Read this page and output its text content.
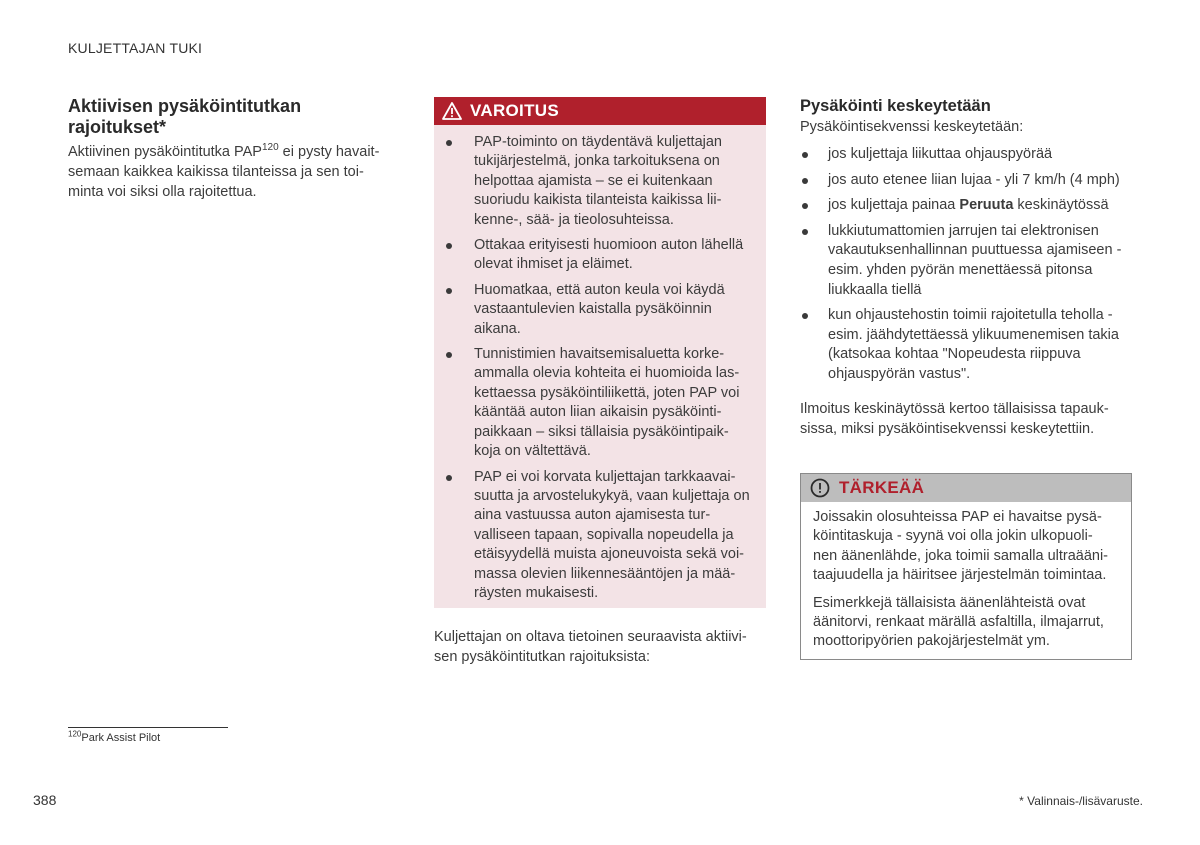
KULJETTAJAN TUKI
Aktiivisen pysäköintitutkan
rajoitukset*
Aktiivinen pysäköintitutka PAP$^{120}$ ei pysty havait-
semaan kaikkea kaikissa tilanteissa ja sen toi-
minta voi siksi olla rajoitettua.
VAROITUS
PAP-toiminto on täydentävä kuljettajan tukijärjestelmä, jonka tarkoituksena on helpottaa ajamista – se ei kuitenkaan suoriudu kaikista tilanteista kaikissa lii- kenne-, sää- ja tieolosuhteissa.
Ottakaa erityisesti huomioon auton lähellä olevat ihmiset ja eläimet.
Huomatkaa, että auton keula voi käydä vastaantulevien kaistalla pysäköinnin aikana.
Tunnistimien havaitsemisaluetta korke- ammalla olevia kohteita ei huomioida las- kettaessa pysäköintiliikettä, joten PAP voi kääntää auton liian aikaisin pysäköinti- paikkaan – siksi tällaisia pysäköintipaik- koja on vältettävä.
PAP ei voi korvata kuljettajan tarkkaavai- suutta ja arvostelukykyä, vaan kuljettaja on aina vastuussa auton ajamisesta tur- valliseen tapaan, sopivalla nopeudella ja etäisyydellä muista ajoneuvoista sekä voi- massa olevien liikennesääntöjen ja mää- räysten mukaisesti.
Kuljettajan on oltava tietoinen seuraavista aktiivi- sen pysäköintitutkan rajoituksista:
Pysäköinti keskeytetään
Pysäköintisekvenssi keskeytetään:
jos kuljettaja liikuttaa ohjauspyörää
jos auto etenee liian lujaa - yli 7 km/h (4 mph)
jos kuljettaja painaa Peruuta keskinäytössä
lukkiutumattomien jarrujen tai elektronisen vakautuksenhallinnan puuttuessa ajamiseen - esim. yhden pyörän menettäessä pitonsa liukkaalla tiellä
kun ohjaustehostin toimii rajoitetulla teholla - esim. jäähdytettäessä ylikuumenemisen takia (katsokaa kohtaa "Nopeudesta riippuva ohjauspyörän vastus".
Ilmoitus keskinäytössä kertoo tällaisissa tapauk- sissa, miksi pysäköintisekvenssi keskeytettiin.
TÄRKEÄÄ

Joissakin olosuhteissa PAP ei havaitse pysä- köintitaskuja - syynä voi olla jokin ulkopuoli- nen äänenlähde, joka toimii samalla ultraääni- taajuudella ja häiritsee järjestelmän toimintaa.

Esimerkkejä tällaisista äänenlähteistä ovat äänitorvi, renkaat märällä asfaltilla, ilmajarrut, moottoripyörien pakojärjestelmät ym.

$^{120}$Park Assist Pilot
388	* Valinnais-/lisävaruste.
